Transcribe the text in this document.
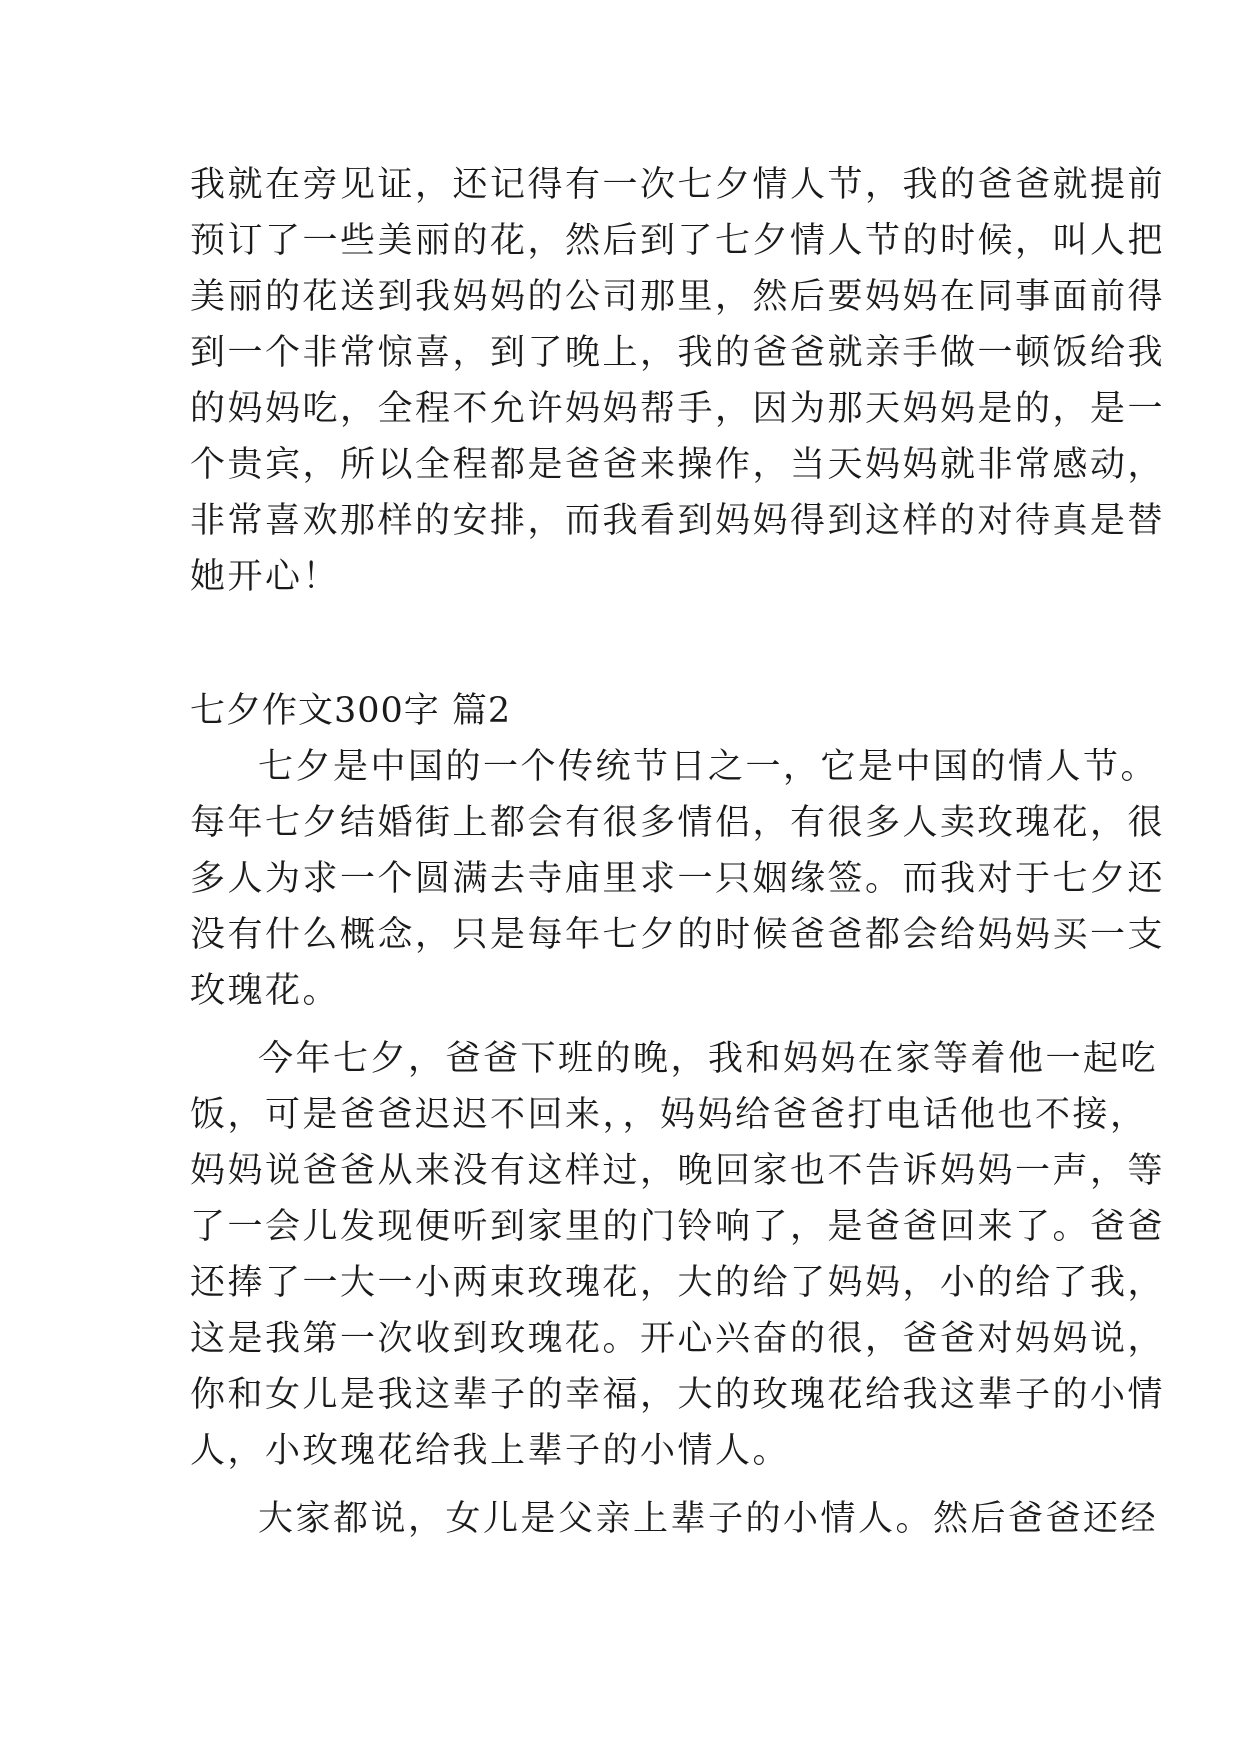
我就在旁见证，还记得有一次七夕情人节，我的爸爸就提前
预订了一些美丽的花，然后到了七夕情人节的时候，叫人把
美丽的花送到我妈妈的公司那里，然后要妈妈在同事面前得
到一个非常惊喜，到了晚上，我的爸爸就亲手做一顿饭给我
的妈妈吃，全程不允许妈妈帮手，因为那天妈妈是的，是一
个贵宾，所以全程都是爸爸来操作，当天妈妈就非常感动，
非常喜欢那样的安排，而我看到妈妈得到这样的对待真是替
她开心！
七夕作文300字 篇2
七夕是中国的一个传统节日之一，它是中国的情人节。
每年七夕结婚街上都会有很多情侣，有很多人卖玫瑰花，很
多人为求一个圆满去寺庙里求一只姻缘签。而我对于七夕还
没有什么概念，只是每年七夕的时候爸爸都会给妈妈买一支
玫瑰花。
今年七夕，爸爸下班的晚，我和妈妈在家等着他一起吃
饭，可是爸爸迟迟不回来，，妈妈给爸爸打电话他也不接，
妈妈说爸爸从来没有这样过，晚回家也不告诉妈妈一声，等
了一会儿发现便听到家里的门铃响了，是爸爸回来了。爸爸
还捧了一大一小两束玫瑰花，大的给了妈妈，小的给了我，
这是我第一次收到玫瑰花。开心兴奋的很，爸爸对妈妈说，
你和女儿是我这辈子的幸福，大的玫瑰花给我这辈子的小情
人，小玫瑰花给我上辈子的小情人。
大家都说，女儿是父亲上辈子的小情人。然后爸爸还经
